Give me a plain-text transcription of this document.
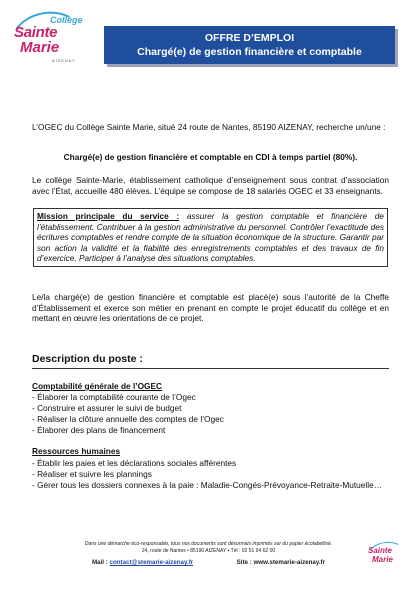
Collège
Sainte
Marie
AIZENAY
OFFRE D’EMPLOI
Chargé(e) de gestion financière et comptable
L’OGEC du Collège Sainte Marie, situé 24 route de Nantes, 85190 AIZENAY, recherche un/une :
Chargé(e) de gestion financière et comptable en CDI à temps partiel (80%).
Le collège Sainte-Marie, établissement catholique d’enseignement sous contrat d’association avec l’État, accueille 480 élèves. L’équipe se compose de 18 salariés OGEC et 33 enseignants.
Mission principale du service : assurer la gestion comptable et financière de l’établissement. Contribuer à la gestion administrative du personnel. Contrôler l’exactitude des écritures comptables et rendre compte de la situation économique de la structure. Garantir par son action la validité et la fiabilité des enregistrements comptables et des travaux de fin d’exercice. Participer à l’analyse des situations comptables.
Le/la chargé(e) de gestion financière et comptable est placé(e) sous l’autorité de la Cheffe d’Établissement et exerce son métier en prenant en compte le projet éducatif du collège et en mettant en œuvre les orientations de ce projet.
Description du poste :
Comptabilité générale de l’OGEC
- Élaborer la comptabilité courante de l’Ogec
- Construire et assurer le suivi de budget
- Réaliser la clôture annuelle des comptes de l’Ogec
- Élaborer des plans de financement
Ressources humaines
- Établir les paies et les déclarations sociales afférentes
- Réaliser et suivre les plannings
- Gérer tous les dossiers connexes à la paie : Maladie-Congés-Prévoyance-Retraite-Mutuelle…
Dans une démarche éco-responsable, tous nos documents sont désormais imprimés sur du papier écolabellisé.
24, route de Nantes • 85190 AIZENAY • Tél : 02 51 94 62 00
Mail : contact@stemarie-aizenay.fr	Site : www.stemarie-aizenay.fr
Sainte
Marie
